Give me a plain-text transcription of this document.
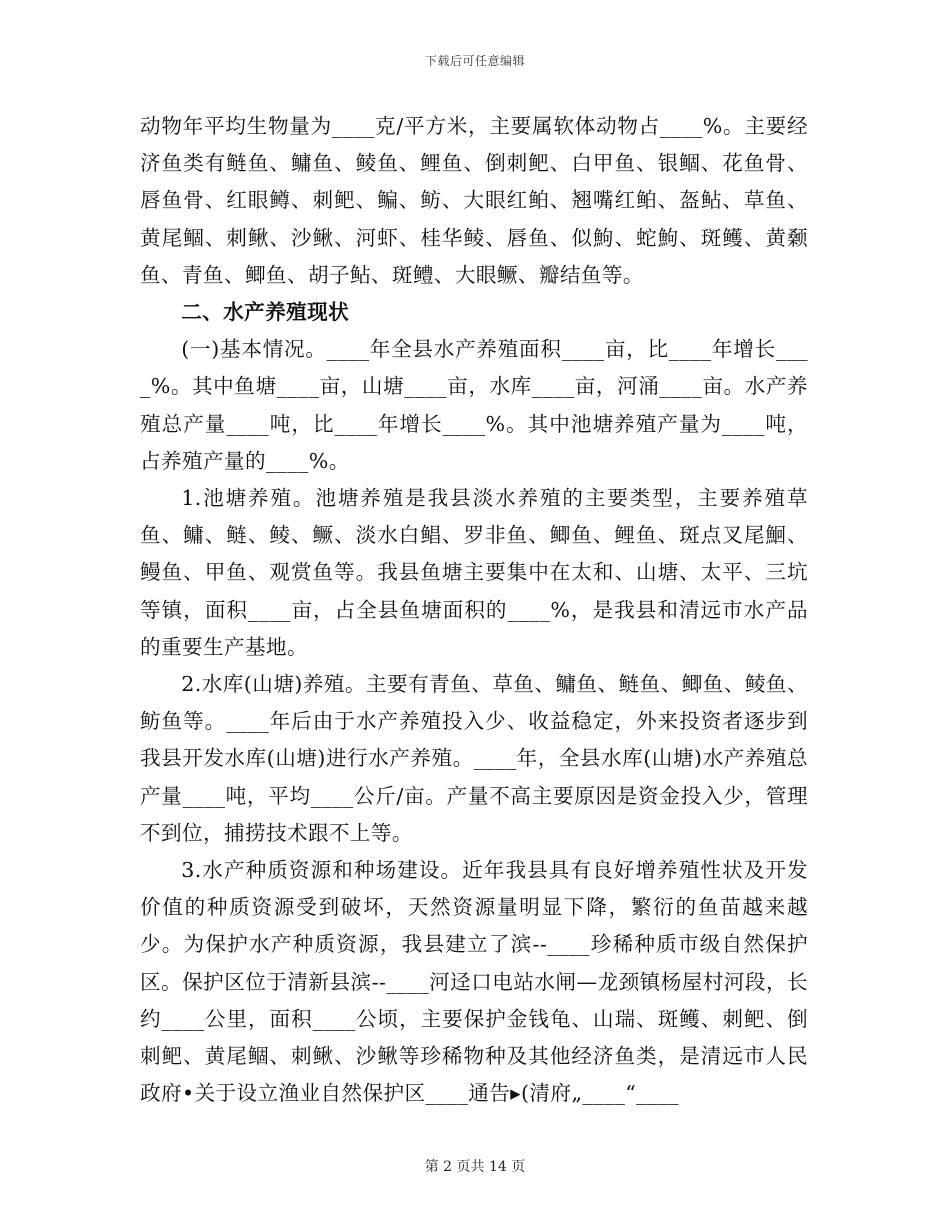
下载后可任意编辑

动物年平均生物量为____克/平方米，主要属软体动物占____%。主要经济鱼类有鲢鱼、鳙鱼、鲮鱼、鲤鱼、倒刺鲃、白甲鱼、银鲴、花鱼骨、唇鱼骨、红眼鳟、刺鲃、鳊、鲂、大眼红鲌、翘嘴红鲌、盔鲇、草鱼、黄尾鲴、刺鳅、沙鳅、河虾、桂华鲮、唇鱼、似鮈、蛇鮈、斑鳠、黄颡鱼、青鱼、鲫鱼、胡子鲇、斑鳢、大眼鳜、瓣结鱼等。

二、水产养殖现状

(一)基本情况。____年全县水产养殖面积____亩，比____年增长____%。其中鱼塘____亩，山塘____亩，水库____亩，河涌____亩。水产养殖总产量____吨，比____年增长____%。其中池塘养殖产量为____吨，占养殖产量的____%。

1.池塘养殖。池塘养殖是我县淡水养殖的主要类型，主要养殖草鱼、鳙、鲢、鲮、鳜、淡水白鲳、罗非鱼、鲫鱼、鲤鱼、斑点叉尾鮰、鳗鱼、甲鱼、观赏鱼等。我县鱼塘主要集中在太和、山塘、太平、三坑等镇，面积____亩，占全县鱼塘面积的____%，是我县和清远市水产品的重要生产基地。

2.水库(山塘)养殖。主要有青鱼、草鱼、鳙鱼、鲢鱼、鲫鱼、鲮鱼、鲂鱼等。____年后由于水产养殖投入少、收益稳定，外来投资者逐步到我县开发水库(山塘)进行水产养殖。____年，全县水库(山塘)水产养殖总产量____吨，平均____公斤/亩。产量不高主要原因是资金投入少，管理不到位，捕捞技术跟不上等。

3.水产种质资源和种场建设。近年我县具有良好增养殖性状及开发价值的种质资源受到破坏，天然资源量明显下降，繁衍的鱼苗越来越少。为保护水产种质资源，我县建立了滨--____珍稀种质市级自然保护区。保护区位于清新县滨--____河迳口电站水闸—龙颈镇杨屋村河段，长约____公里，面积____公顷，主要保护金钱龟、山瑞、斑鳠、刺鲃、倒刺鲃、黄尾鲴、刺鳅、沙鳅等珍稀物种及其他经济鱼类，是清远市人民政府•关于设立渔业自然保护区____通告▸(清府„____“____

第 2 页共 14 页
